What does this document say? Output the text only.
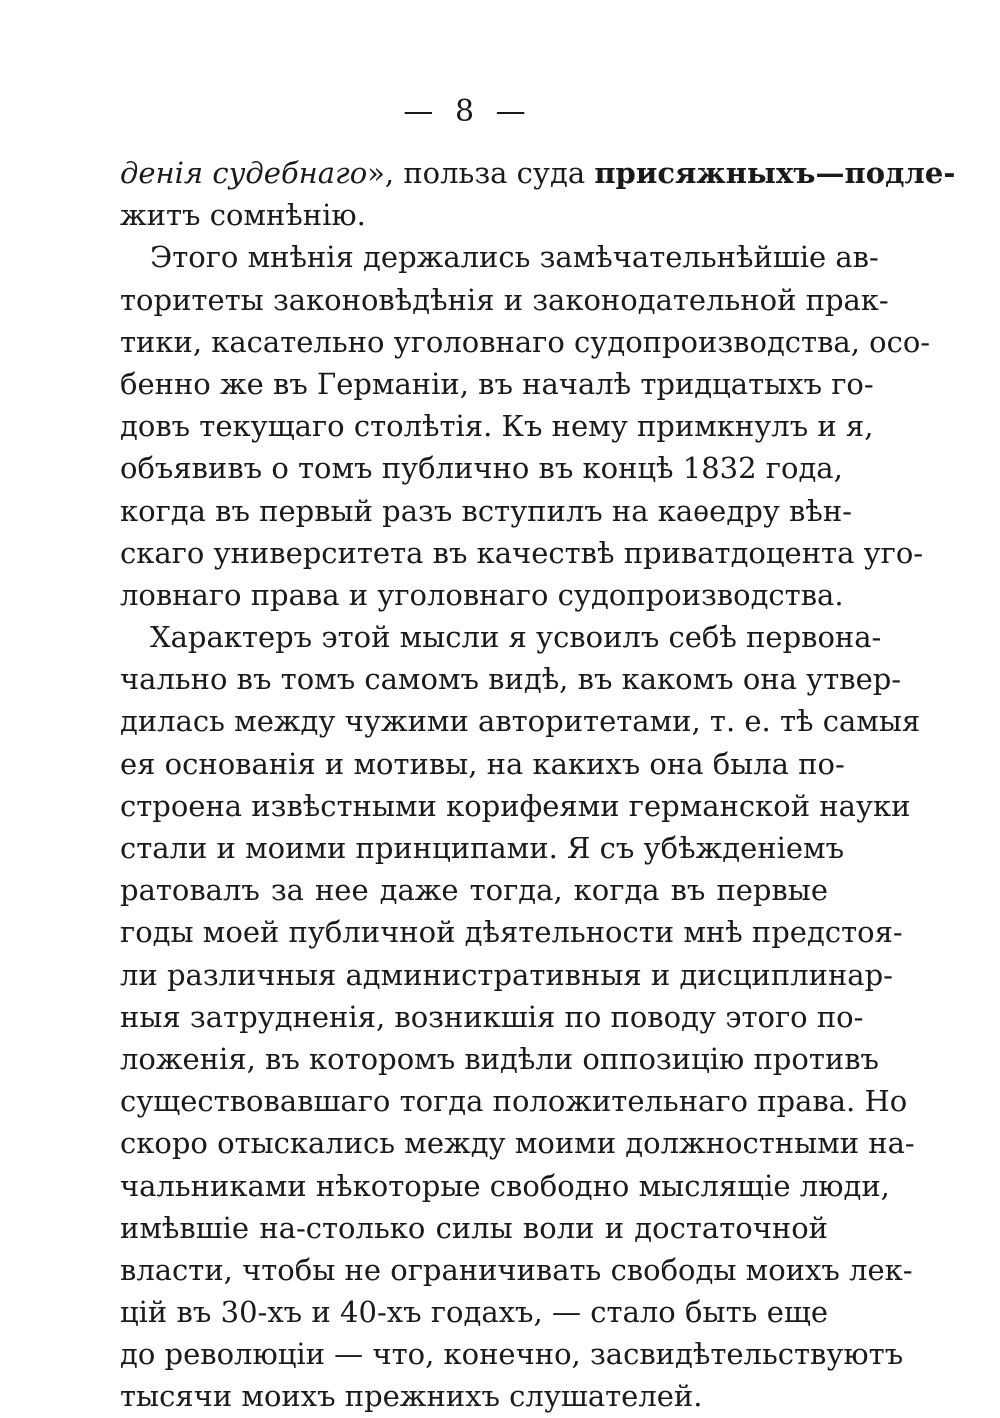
— 8 —
денія судебнаго», польза суда присяжныхъ—подле-
житъ сомнѣнію.
Этого мнѣнія держались замѣчательнѣйшіе ав-
торитеты законовѣдѣнія и законодательной прак-
тики, касательно уголовнаго судопроизводства, осо-
бенно же въ Германіи, въ началѣ тридцатыхъ го-
довъ текущаго столѣтія. Къ нему примкнулъ и я,
объявивъ о томъ публично въ концѣ 1832 года,
когда въ первый разъ вступилъ на каѳедру вѣн-
скаго университета въ качествѣ приватдоцента уго-
ловнаго права и уголовнаго судопроизводства.
Характеръ этой мысли я усвоилъ себѣ первона-
чально въ томъ самомъ видѣ, въ какомъ она утвер-
дилась между чужими авторитетами, т. е. тѣ самыя
ея основанія и мотивы, на какихъ она была по-
строена извѣстными корифеями германской науки
стали и моими принципами. Я съ убѣжденіемъ
ратовалъ за нее даже тогда, когда въ первые
годы моей публичной дѣятельности мнѣ предстоя-
ли различныя административныя и дисциплинар-
ныя затрудненія, возникшія по поводу этого по-
ложенія, въ которомъ видѣли оппозицію противъ
существовавшаго тогда положительнаго права. Но
скоро отыскались между моими должностными на-
чальниками нѣкоторые свободно мыслящіе люди,
имѣвшіе на-столько силы воли и достаточной
власти, чтобы не ограничивать свободы моихъ лек-
цій въ 30-хъ и 40-хъ годахъ, — стало быть еще
до революціи — что, конечно, засвидѣтельствуютъ
тысячи моихъ прежнихъ слушателей.
